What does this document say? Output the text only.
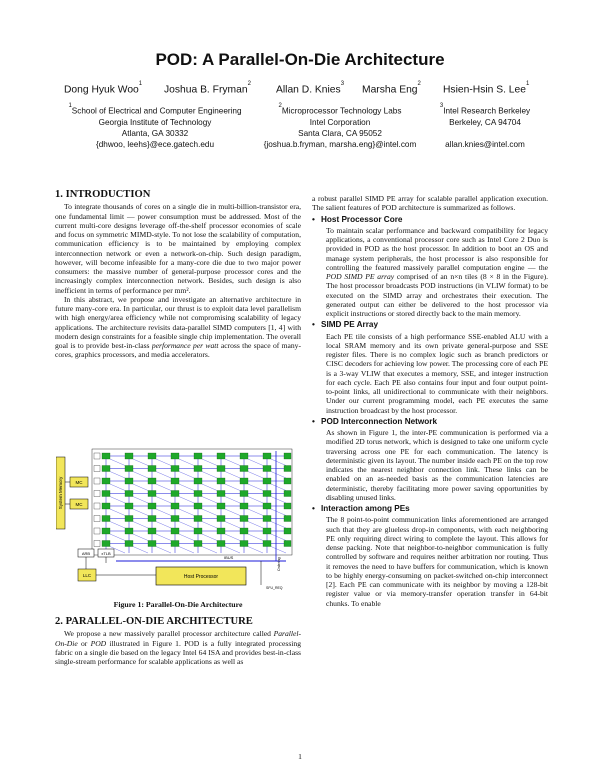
POD: A Parallel-On-Die Architecture
Dong Hyuk Woo$^1$
Joshua B. Fryman$^2$
Allan D. Knies$^3$
Marsha Eng$^2$
Hsien-Hsin S. Lee$^1$
$^1$School of Electrical and Computer Engineering
Georgia Institute of Technology
Atlanta, GA 30332
{dhwoo, leehs}@ece.gatech.edu
$^2$Microprocessor Technology Labs
Intel Corporation
Santa Clara, CA 95052
{joshua.b.fryman, marsha.eng}@intel.com
$^3$Intel Research Berkeley
Berkeley, CA 94704
allan.knies@intel.com
1. INTRODUCTION

To integrate thousands of cores on a single die in multi-billion-transistor era, one fundamental limit — power consumption must be addressed. Most of the current multi-core designs leverage off-the-shelf processor economies of scale and focus on symmetric MIMD-style. To not lose the scalability of computation, communication efficiency is to be maintained by employing complex interconnection network or even a network-on-chip. Such design paradigm, however, will become infeasible for a many-core die due to two major power consumers: the massive number of general-purpose processor cores and the increasingly complex interconnection network. Besides, such design is also inefficient in terms of performance per mm².

In this abstract, we propose and investigate an alternative architecture in future many-core era. In particular, our thrust is to exploit data level parallelism with high energy/area efficiency while not compromising scalability of legacy applications. The architecture revisits data-parallel SIMD computers [1, 4] with modern design constraints for a feasible single chip implementation. The overall goal is to provide best-in-class performance per watt across the space of many-cores, graphics processors, and media accelerators.

System Memory	MC
MC
ARB	xTLB
LLC	Host Processor
IBUS	Ordering
SFU_REQ
Figure 1: Parallel-On-Die Architecture
2. PARALLEL-ON-DIE ARCHITECTURE

We propose a new massively parallel processor architecture called Parallel-On-Die or POD illustrated in Figure 1. POD is a fully integrated processing fabric on a single die based on the legacy Intel 64 ISA and provides best-in-class single-stream performance for scalable applications as well as

a robust parallel SIMD PE array for scalable parallel application execution. The salient features of POD architecture is summarized as follows.

• Host Processor Core

To maintain scalar performance and backward compatibility for legacy applications, a conventional processor core such as Intel Core 2 Duo is provided in POD as the host processor. In addition to boot an OS and manage system peripherals, the host processor is also responsible for controlling the featured massively parallel computation engine — the POD SIMD PE array comprised of an n×n tiles (8 × 8 in the Figure). The host processor broadcasts POD instructions (in VLIW format) to be executed on the SIMD array and orchestrates their execution. The generated output can either be delivered to the host processor via explicit instructions or stored directly back to the main memory.

• SIMD PE Array

Each PE tile consists of a high performance SSE-enabled ALU with a local SRAM memory and its own private general-purpose and SSE register files. There is no complex logic such as branch predictors or CISC decoders for achieving low power. The processing core of each PE is a 3-way VLIW that executes a memory, SSE, and integer instruction for each cycle. Each PE also contains four input and four output point-to-point links, all unidirectional to communicate with their neighbors. Under our current programming model, each PE executes the same instruction broadcast by the host processor.

• POD Interconnection Network

As shown in Figure 1, the inter-PE communication is performed via a modified 2D torus network, which is designed to take one uniform cycle traversing across one PE for each communication. The latency is deterministic given its layout. The number inside each PE on the top row indicates the nearest neighbor connection link. These links can be enabled on an as-needed basis as the communication latencies are deterministic, thereby facilitating more power saving opportunities by disabling unused links.

• Interaction among PEs

The 8 point-to-point communication links aforementioned are arranged such that they are glueless drop-in components, with each neighboring PE only requiring direct wiring to complete the layout. This allows for dense packing. Note that neighbor-to-neighbor communication is fully controlled by software and requires neither arbitration nor routing. Thus it removes the need to have buffers for communication, which is known to be highly energy-consuming on packet-switched on-chip interconnect [2]. Each PE can communicate with its neighbor by moving a 128-bit register value or via memory-transfer operation transfer in 64-bit chunks. To enable

1
